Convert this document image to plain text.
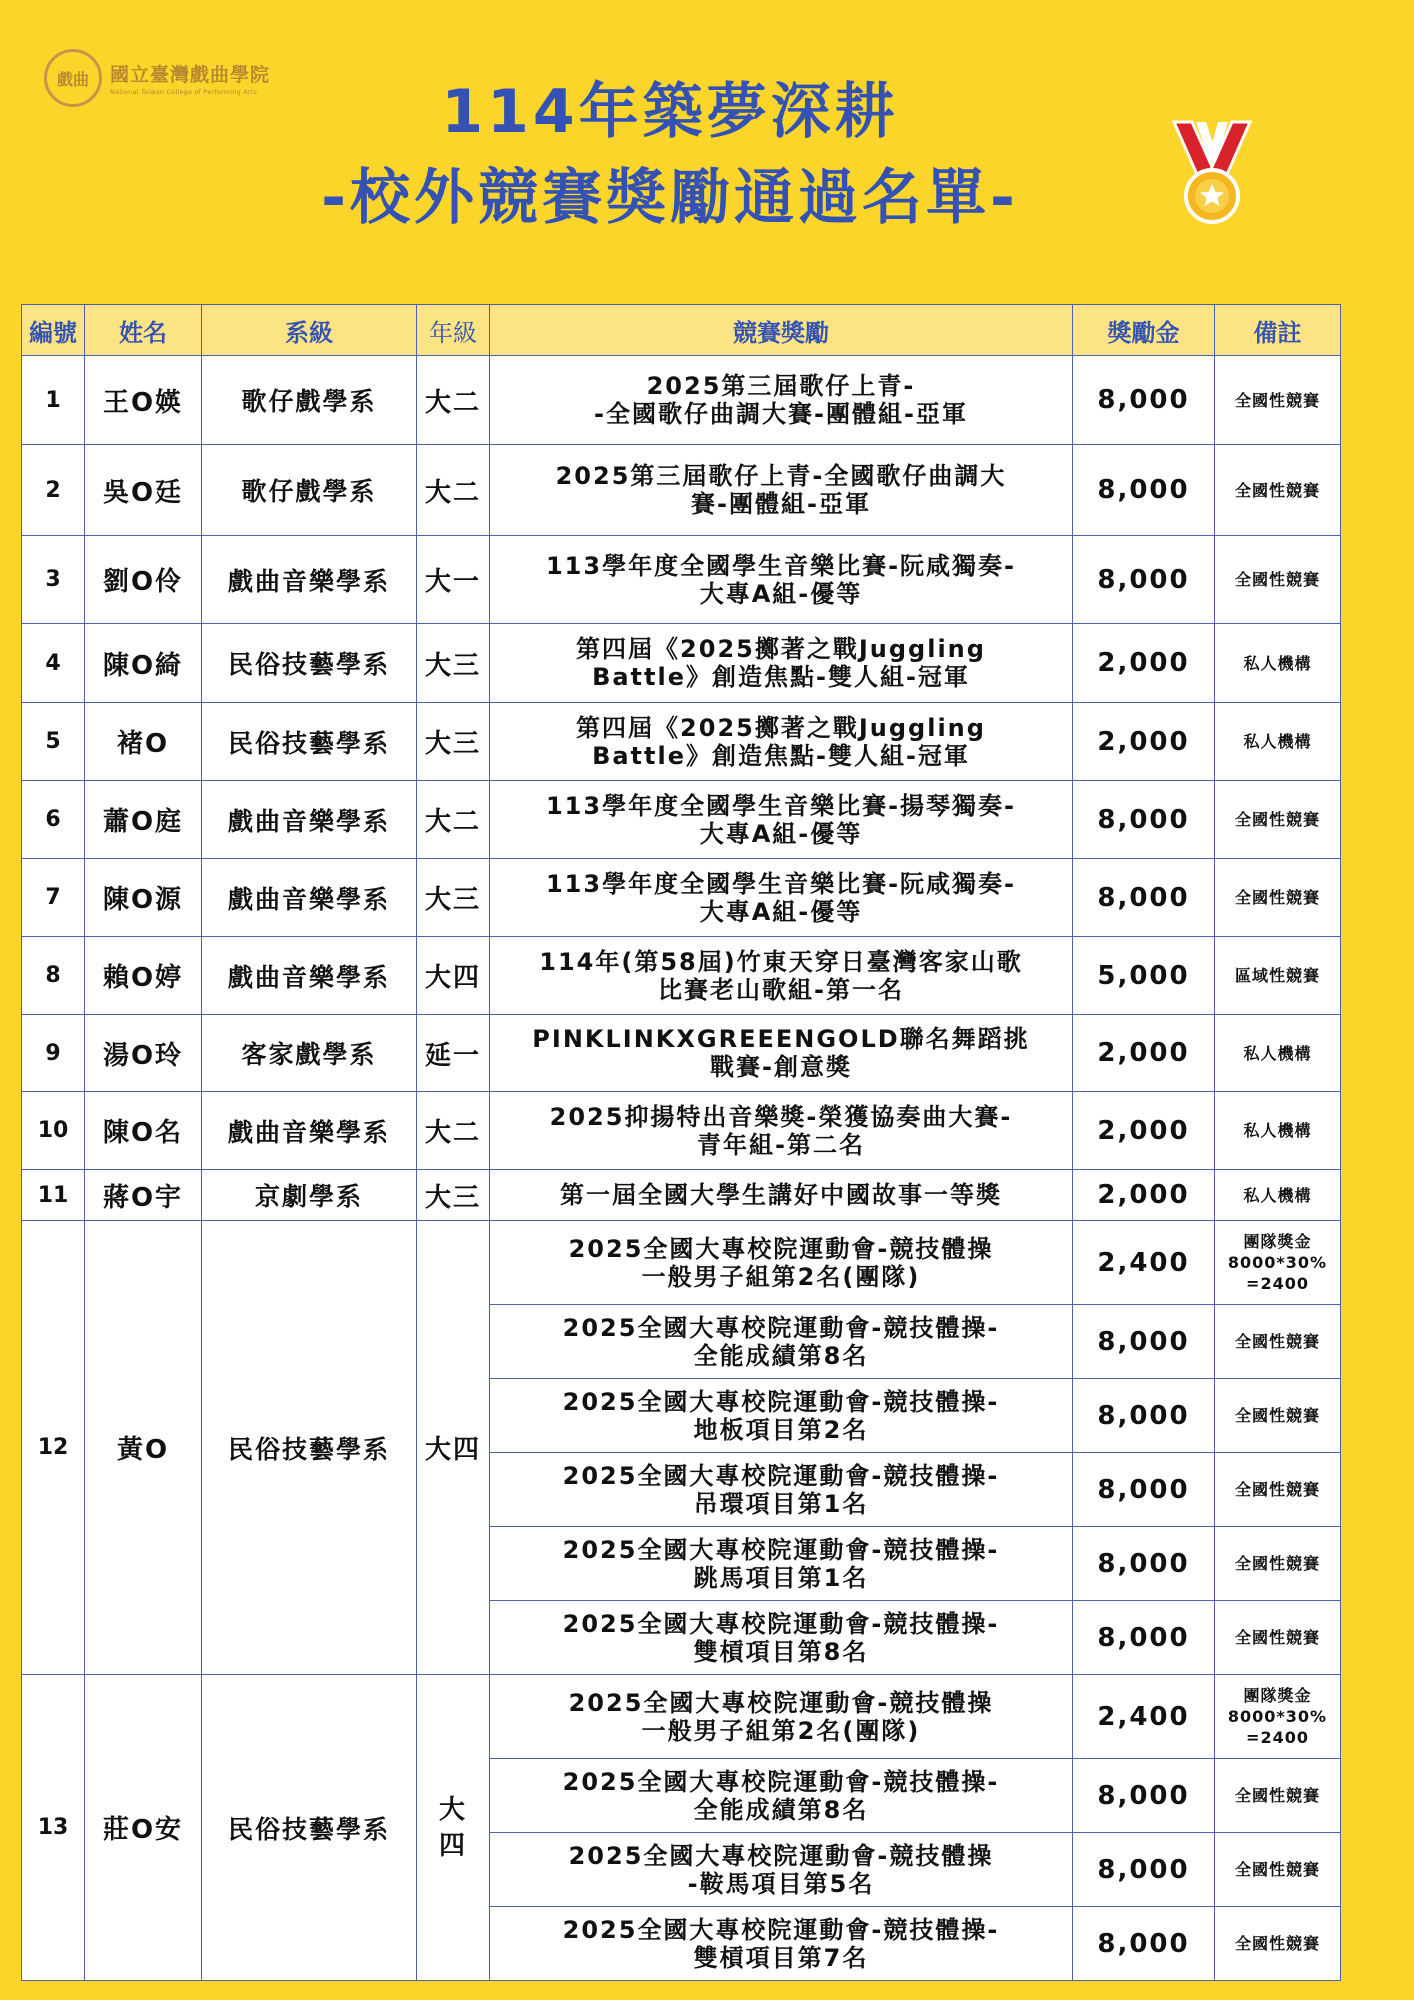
戲曲	國立臺灣戲曲學院
National Taiwan College of Performing Arts	114年築夢深耕
-校外競賽獎勵通過名單-
編號	姓名	系級	年級	競賽獎勵	獎勵金	備註
1	王O媖	歌仔戲學系	大二	2025第三屆歌仔上青-
-全國歌仔曲調大賽-團體組-亞軍	8,000	全國性競賽
2	吳O廷	歌仔戲學系	大二	2025第三屆歌仔上青-全國歌仔曲調大
賽-團體組-亞軍	8,000	全國性競賽
3	劉O伶	戲曲音樂學系	大一	113學年度全國學生音樂比賽-阮咸獨奏-
大專A組-優等	8,000	全國性競賽
4	陳O綺	民俗技藝學系	大三	第四屆《2025擲著之戰Juggling
Battle》創造焦點-雙人組-冠軍	2,000	私人機構
5	褚O	民俗技藝學系	大三	第四屆《2025擲著之戰Juggling
Battle》創造焦點-雙人組-冠軍	2,000	私人機構
6	蕭O庭	戲曲音樂學系	大二	113學年度全國學生音樂比賽-揚琴獨奏-
大專A組-優等	8,000	全國性競賽
7	陳O源	戲曲音樂學系	大三	113學年度全國學生音樂比賽-阮咸獨奏-
大專A組-優等	8,000	全國性競賽
8	賴O婷	戲曲音樂學系	大四	114年(第58屆)竹東天穿日臺灣客家山歌
比賽老山歌組-第一名	5,000	區域性競賽
9	湯O玲	客家戲學系	延一	PINKLINKXGREEENGOLD聯名舞蹈挑
戰賽-創意獎	2,000	私人機構
10	陳O名	戲曲音樂學系	大二	2025抑揚特出音樂獎-榮獲協奏曲大賽-
青年組-第二名	2,000	私人機構
11	蔣O宇	京劇學系	大三	第一屆全國大學生講好中國故事一等獎	2,000	私人機構
12	黃O	民俗技藝學系	大四	2025全國大專校院運動會-競技體操
一般男子組第2名(團隊)	2,400	團隊獎金
8000*30%
=2400
				2025全國大專校院運動會-競技體操-
全能成績第8名	8,000	全國性競賽
				2025全國大專校院運動會-競技體操-
地板項目第2名	8,000	全國性競賽
				2025全國大專校院運動會-競技體操-
吊環項目第1名	8,000	全國性競賽
				2025全國大專校院運動會-競技體操-
跳馬項目第1名	8,000	全國性競賽
				2025全國大專校院運動會-競技體操-
雙槓項目第8名	8,000	全國性競賽
13	莊O安	民俗技藝學系	大四	2025全國大專校院運動會-競技體操
一般男子組第2名(團隊)	2,400	團隊獎金
8000*30%
=2400
				2025全國大專校院運動會-競技體操-
全能成績第8名	8,000	全國性競賽
				2025全國大專校院運動會-競技體操
-鞍馬項目第5名	8,000	全國性競賽
				2025全國大專校院運動會-競技體操-
雙槓項目第7名	8,000	全國性競賽
